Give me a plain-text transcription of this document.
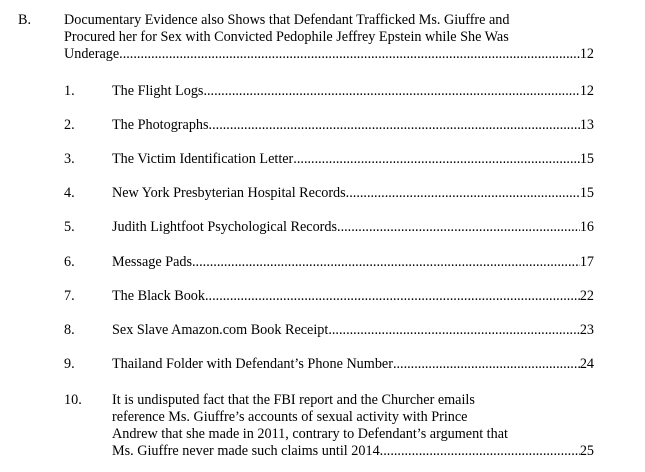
B. Documentary Evidence also Shows that Defendant Trafficked Ms. Giuffre and
Procured her for Sex with Convicted Pedophile Jeffrey Epstein while She Was
Underage .....	12
1.	The Flight Logs .....	12
2.	The Photographs .....	13
3.	The Victim Identification Letter .....	15
4.	New York Presbyterian Hospital Records .....	15
5.	Judith Lightfoot Psychological Records .....	16
6.	Message Pads .....	17
7.	The Black Book .....	22
8.	Sex Slave Amazon.com Book Receipt .....	23
9.	Thailand Folder with Defendant’s Phone Number .....	24
10. It is undisputed fact that the FBI report and the Churcher emails
reference Ms. Giuffre’s accounts of sexual activity with Prince
Andrew that she made in 2011, contrary to Defendant’s argument that
Ms. Giuffre never made such claims until 2014 .....	25
